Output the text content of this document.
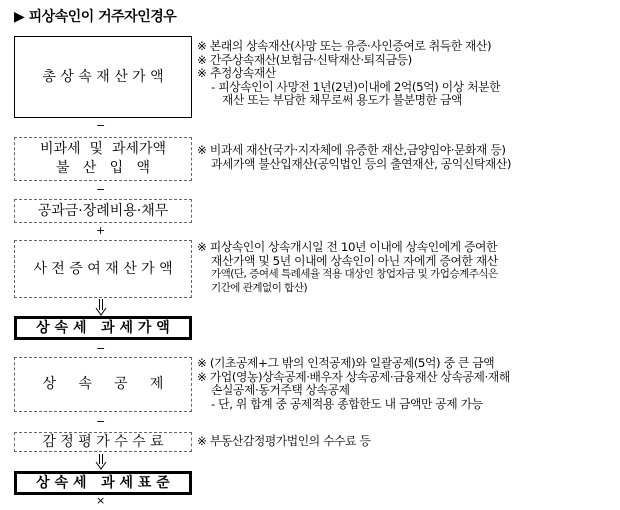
▶ 피상속인이 거주자인경우
총 상 속 재 산 가 액
−
비과세  및  과세가액
불   산   입   액
−
공과금·장례비용·채무
+
사 전 증 여 재 산 가 액
상 속 세   과 세 가 액
−
상     속     공     제
−
감 정 평 가 수 수 료
상 속 세   과 세 표 준
×
※ 본래의 상속재산(사망 또는 유증·사인증여로 취득한 재산)
※ 간주상속재산(보험금·신탁재산·퇴직금등)
※ 추정상속재산
- 피상속인이 사망전 1년(2년)이내에 2억(5억) 이상 처분한
재산 또는 부담한 채무로써 용도가 불분명한 금액
※ 비과세 재산(국가·지자체에 유증한 재산,금양임야·문화재 등)
과세가액 불산입재산(공익법인 등의 출연재산, 공익신탁재산)
※ 피상속인이 상속개시일 전 10년 이내에 상속인에게 증여한
재산가액 및 5년 이내에 상속인이 아닌 자에게 증여한 재산
가액(단, 증여세 특례세율 적용 대상인 창업자금 및 가업승계주식은
기간에 관계없이 합산)
※ (기초공제+그 밖의 인적공제)와 일괄공제(5억) 중 큰 금액
※ 가업(영농)상속공제·배우자 상속공제·금융재산 상속공제·재해
손실공제·동거주택 상속공제
- 단, 위 합계 중 공제적용 종합한도 내 금액만 공제 가능
※ 부동산감정평가법인의 수수료 등
